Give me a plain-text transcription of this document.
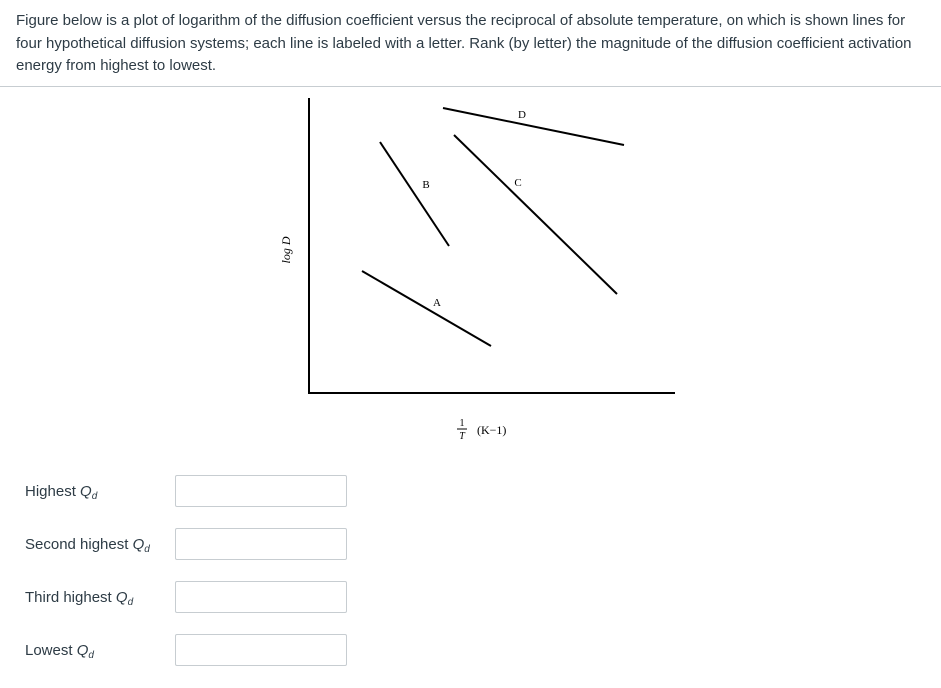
Figure below is a plot of logarithm of the diffusion coefficient versus the reciprocal of absolute temperature, on which is shown lines for four hypothetical diffusion systems; each line is labeled with a letter. Rank (by letter) the magnitude of the diffusion coefficient activation energy from highest to lowest.
log D
1
T (K−1)
D
B	C
A
Highest $Q_d$
Second highest $Q_d$
Third highest $Q_d$
Lowest $Q_d$
